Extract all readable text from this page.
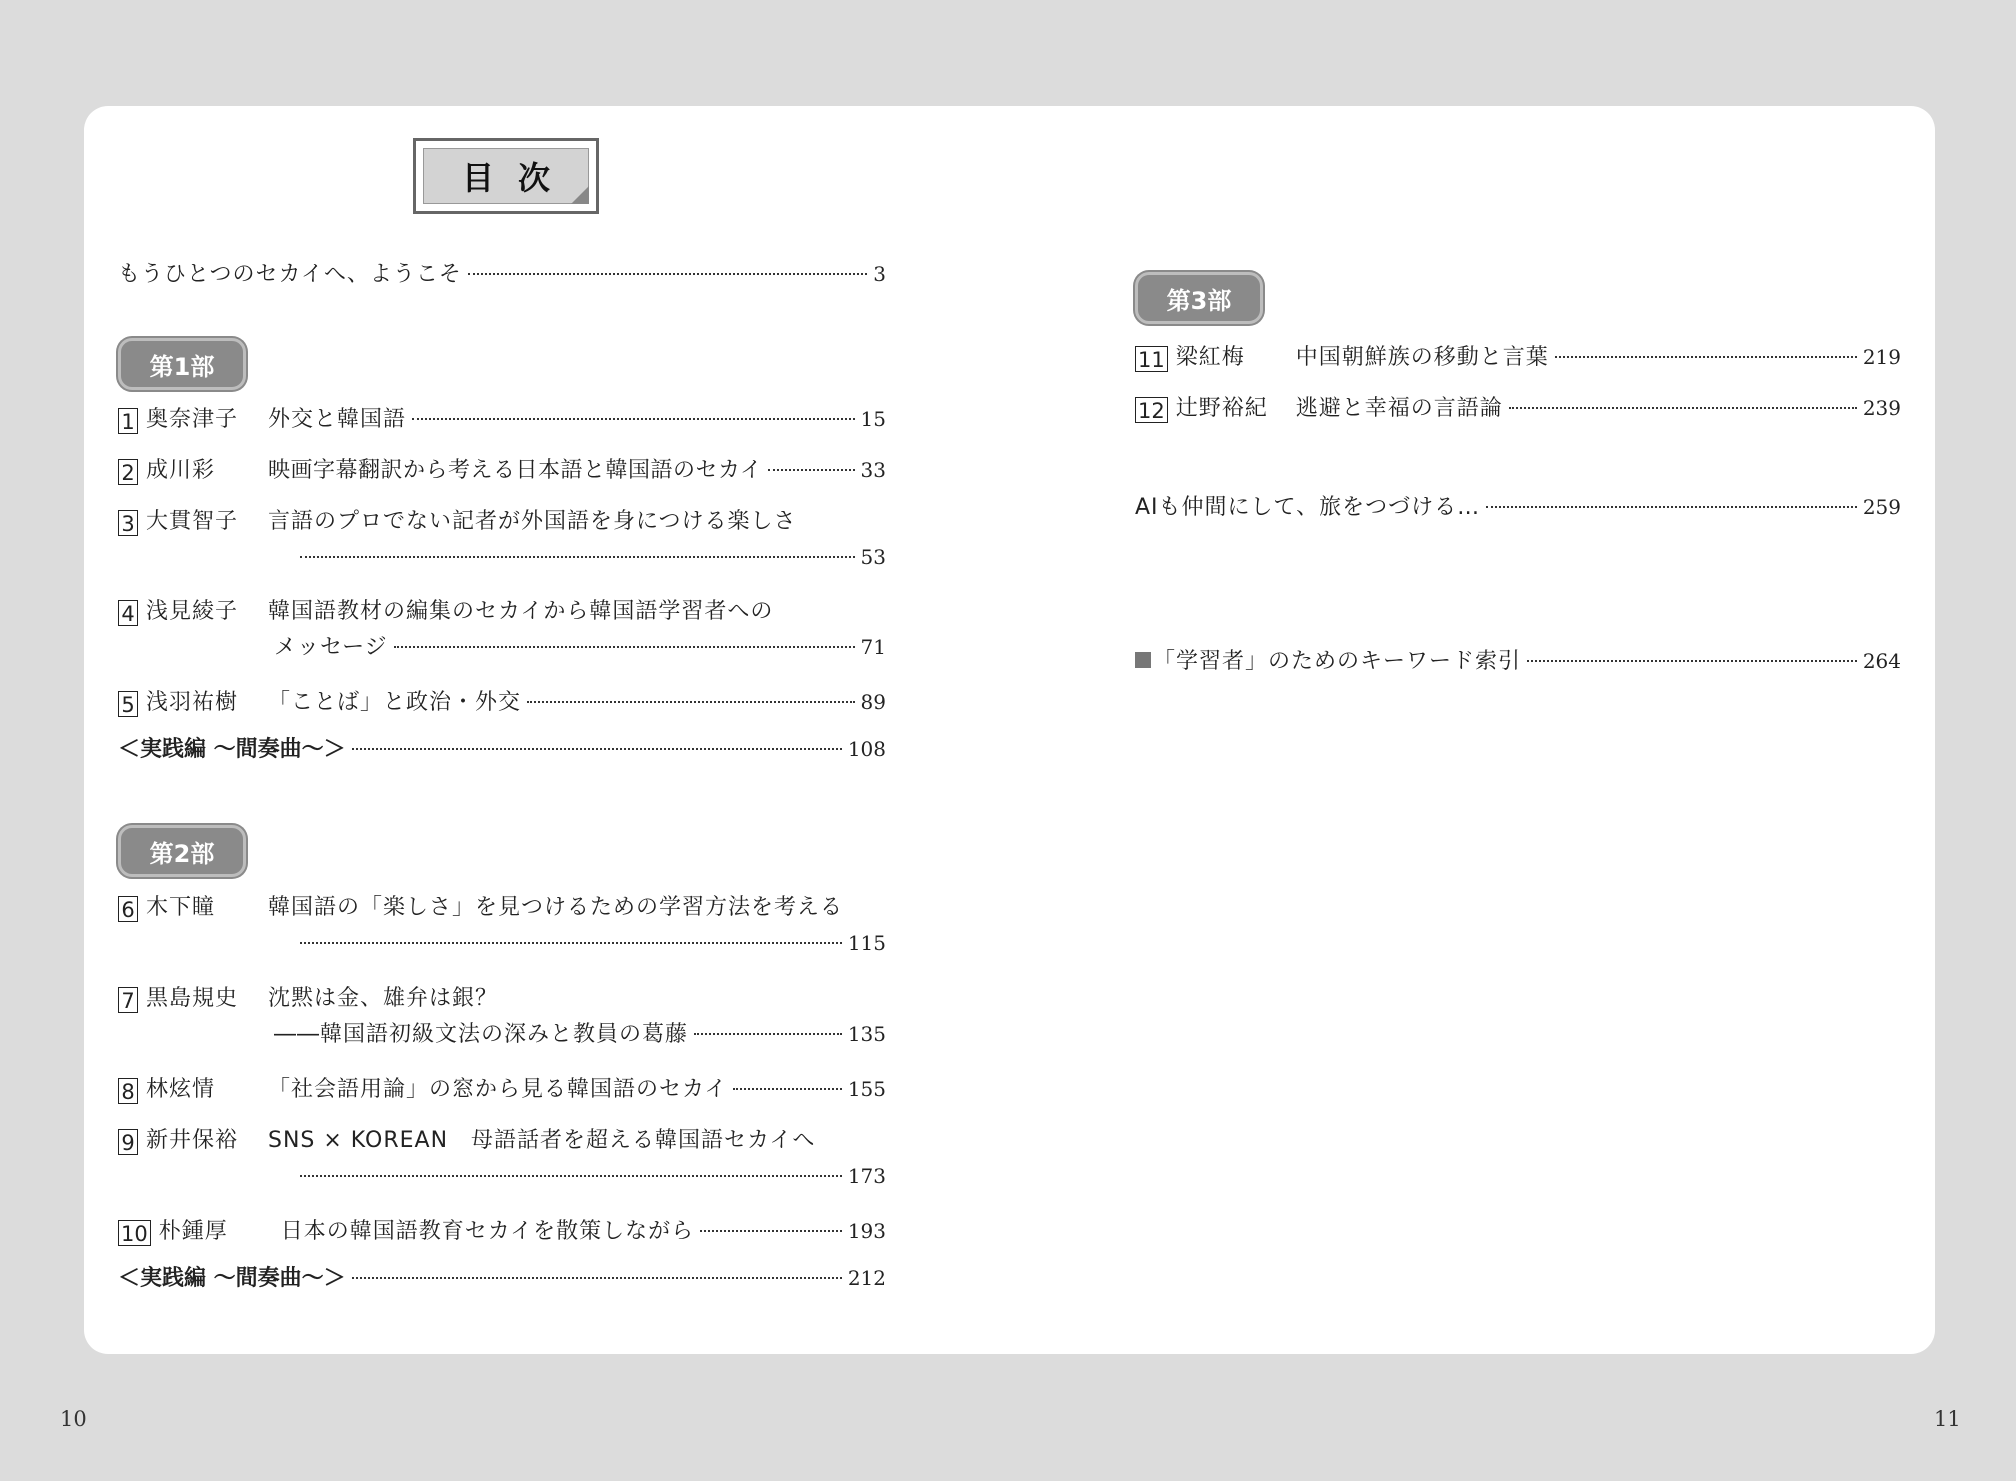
目次
もうひとつのセカイへ、ようこそ	3
第1部
1 奥奈津子	外交と韓国語	15
2 成川彩	映画字幕翻訳から考える日本語と韓国語のセカイ	33
3 大貫智子	言語のプロでない記者が外国語を身につける楽しさ
53
4 浅見綾子	韓国語教材の編集のセカイから韓国語学習者への
メッセージ	71
5 浅羽祐樹	「ことば」と政治・外交	89
＜実践編 ～間奏曲～＞	108
第2部
6 木下瞳	韓国語の「楽しさ」を見つけるための学習方法を考える
115
7 黒島規史	沈黙は金、雄弁は銀？
――韓国語初級文法の深みと教員の葛藤	135
8 林炫情	「社会語用論」の窓から見る韓国語のセカイ	155
9 新井保裕	SNS × KOREAN　母語話者を超える韓国語セカイへ
173
10 朴鍾厚	日本の韓国語教育セカイを散策しながら	193
＜実践編 ～間奏曲～＞	212
第3部
11 梁紅梅	中国朝鮮族の移動と言葉	219
12 辻野裕紀	逃避と幸福の言語論	239
AIも仲間にして、旅をつづける…	259
「学習者」のためのキーワード索引	264
10	11
